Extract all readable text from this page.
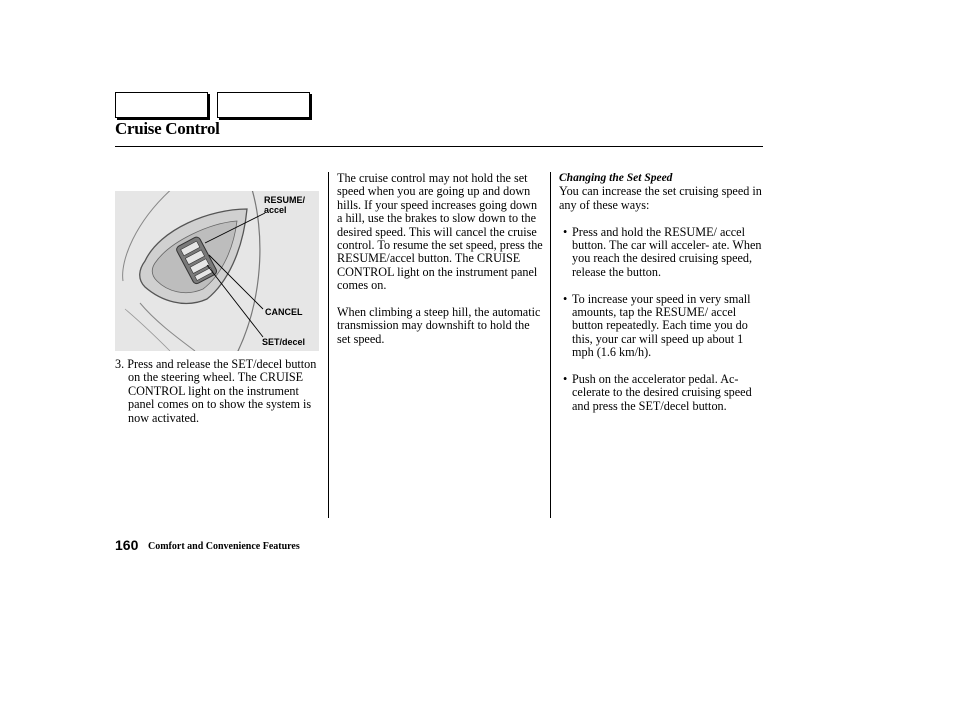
Cruise Control
RESUME/
accel
CANCEL
SET/decel

3. Press and release the SET/decel button on the steering wheel. The CRUISE CONTROL light on the instrument panel comes on to show the system is now activated.

The cruise control may not hold the set speed when you are going up and down hills. If your speed increases going down a hill, use the brakes to slow down to the desired speed. This will cancel the cruise control. To resume the set speed, press the RESUME/accel button. The CRUISE CONTROL light on the instrument panel comes on.

When climbing a steep hill, the automatic transmission may downshift to hold the set speed.

Changing the Set Speed

You can increase the set cruising speed in any of these ways:

• Press and hold the RESUME/ accel button. The car will acceler- ate. When you reach the desired cruising speed, release the button.

• To increase your speed in very small amounts, tap the RESUME/ accel button repeatedly. Each time you do this, your car will speed up about 1 mph (1.6 km/h).

• Push on the accelerator pedal. Ac- celerate to the desired cruising speed and press the SET/decel button.

160 Comfort and Convenience Features
